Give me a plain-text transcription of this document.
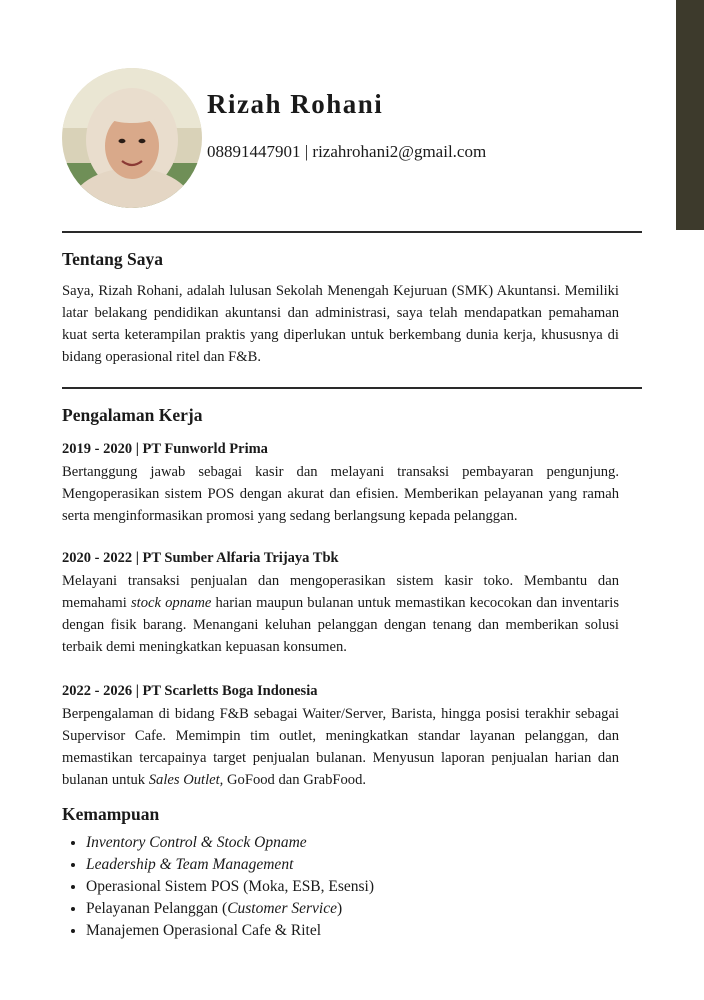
Rizah Rohani
08891447901 | rizahrohani2@gmail.com
Tentang Saya

Saya, Rizah Rohani, adalah lulusan Sekolah Menengah Kejuruan (SMK) Akuntansi. Memiliki latar belakang pendidikan akuntansi dan administrasi, saya telah mendapatkan pemahaman kuat serta keterampilan praktis yang diperlukan untuk berkembang dunia kerja, khususnya di bidang operasional ritel dan F&B.

Pengalaman Kerja
2019 - 2020 | PT Funworld Prima

Bertanggung jawab sebagai kasir dan melayani transaksi pembayaran pengunjung. Mengoperasikan sistem POS dengan akurat dan efisien. Memberikan pelayanan yang ramah serta menginformasikan promosi yang sedang berlangsung kepada pelanggan.

2020 - 2022 | PT Sumber Alfaria Trijaya Tbk

Melayani transaksi penjualan dan mengoperasikan sistem kasir toko. Membantu dan memahami stock opname harian maupun bulanan untuk memastikan kecocokan dan inventaris dengan fisik barang. Menangani keluhan pelanggan dengan tenang dan memberikan solusi terbaik demi meningkatkan kepuasan konsumen.

2022 - 2026 | PT Scarletts Boga Indonesia

Berpengalaman di bidang F&B sebagai Waiter/Server, Barista, hingga posisi terakhir sebagai Supervisor Cafe. Memimpin tim outlet, meningkatkan standar layanan pelanggan, dan memastikan tercapainya target penjualan bulanan. Menyusun laporan penjualan harian dan bulanan untuk Sales Outlet, GoFood dan GrabFood.

Kemampuan
• Inventory Control & Stock Opname
• Leadership & Team Management
• Operasional Sistem POS (Moka, ESB, Esensi)
• Pelayanan Pelanggan (Customer Service)
• Manajemen Operasional Cafe & Ritel
